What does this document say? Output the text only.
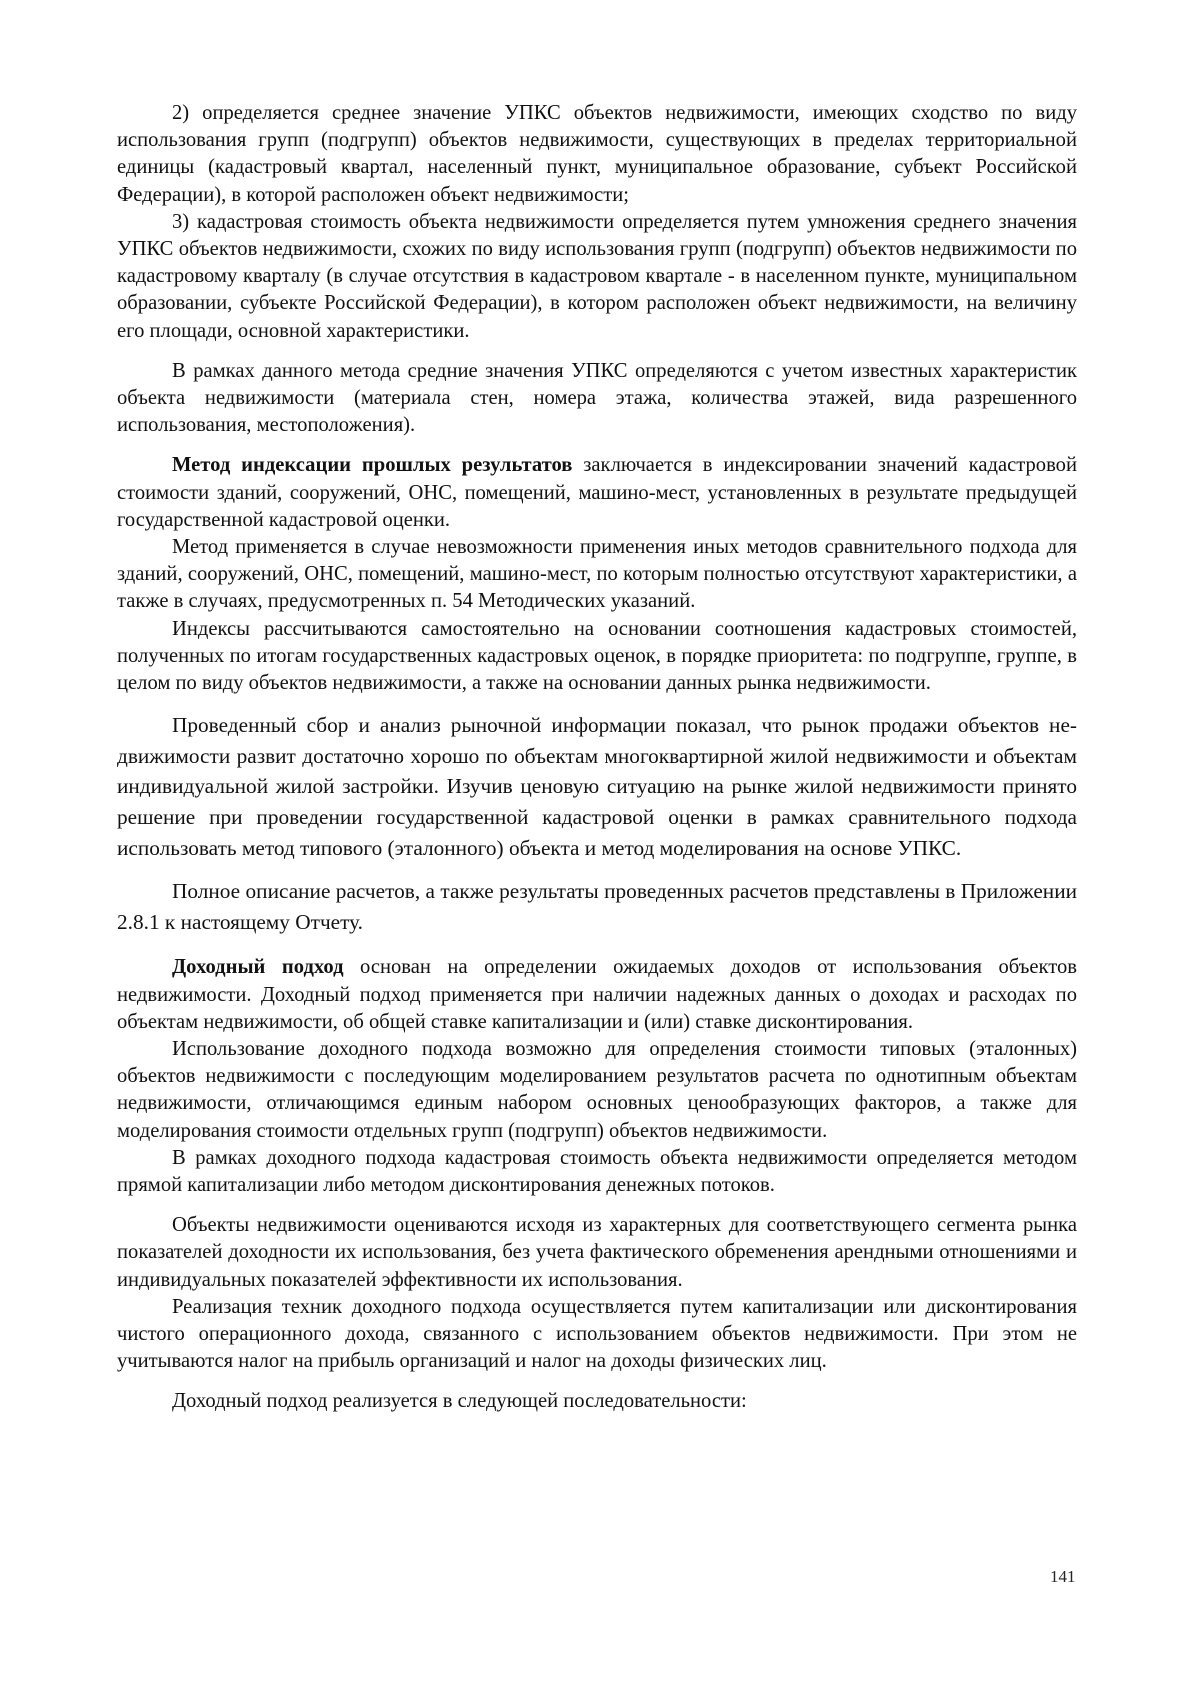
2) определяется среднее значение УПКС объектов недвижимости, имеющих сходство по виду использования групп (подгрупп) объектов недвижимости, существующих в пределах территориальной единицы (кадастровый квартал, населенный пункт, муниципальное образование, субъект Российской Федерации), в которой расположен объект недвижимости;

3) кадастровая стоимость объекта недвижимости определяется путем умножения среднего значения УПКС объектов недвижимости, схожих по виду использования групп (подгрупп) объектов недвижимости по кадастровому кварталу (в случае отсутствия в кадастровом квартале - в населенном пункте, муниципальном образовании, субъекте Российской Федерации), в котором расположен объект недвижимости, на величину его площади, основной характеристики.

В рамках данного метода средние значения УПКС определяются с учетом известных характеристик объекта недвижимости (материала стен, номера этажа, количества этажей, вида разрешенного использования, местоположения).

Метод индексации прошлых результатов заключается в индексировании значений кадастровой стоимости зданий, сооружений, ОНС, помещений, машино-мест, установленных в результате предыдущей государственной кадастровой оценки.

Метод применяется в случае невозможности применения иных методов сравнительного подхода для зданий, сооружений, ОНС, помещений, машино-мест, по которым полностью отсутствуют характеристики, а также в случаях, предусмотренных п. 54 Методических указаний.

Индексы рассчитываются самостоятельно на основании соотношения кадастровых стоимостей, полученных по итогам государственных кадастровых оценок, в порядке приоритета: по подгруппе, группе, в целом по виду объектов недвижимости, а также на основании данных рынка недвижимости.

Проведенный сбор и анализ рыночной информации показал, что рынок продажи объектов недвижимости развит достаточно хорошо по объектам многоквартирной жилой недвижимости и объектам индивидуальной жилой застройки. Изучив ценовую ситуацию на рынке жилой недвижимости принято решение при проведении государственной кадастровой оценки в рамках сравнительного подхода использовать метод типового (эталонного) объекта и метод моделирования на основе УПКС.

Полное описание расчетов, а также результаты проведенных расчетов представлены в Приложении 2.8.1 к настоящему Отчету.

Доходный подход основан на определении ожидаемых доходов от использования объектов недвижимости. Доходный подход применяется при наличии надежных данных о доходах и расходах по объектам недвижимости, об общей ставке капитализации и (или) ставке дисконтирования.

Использование доходного подхода возможно для определения стоимости типовых (эталонных) объектов недвижимости с последующим моделированием результатов расчета по однотипным объектам недвижимости, отличающимся единым набором основных ценообразующих факторов, а также для моделирования стоимости отдельных групп (подгрупп) объектов недвижимости.

В рамках доходного подхода кадастровая стоимость объекта недвижимости определяется методом прямой капитализации либо методом дисконтирования денежных потоков.

Объекты недвижимости оцениваются исходя из характерных для соответствующего сегмента рынка показателей доходности их использования, без учета фактического обременения арендными отношениями и индивидуальных показателей эффективности их использования.

Реализация техник доходного подхода осуществляется путем капитализации или дисконтирования чистого операционного дохода, связанного с использованием объектов недвижимости. При этом не учитываются налог на прибыль организаций и налог на доходы физических лиц.

Доходный подход реализуется в следующей последовательности:

141
